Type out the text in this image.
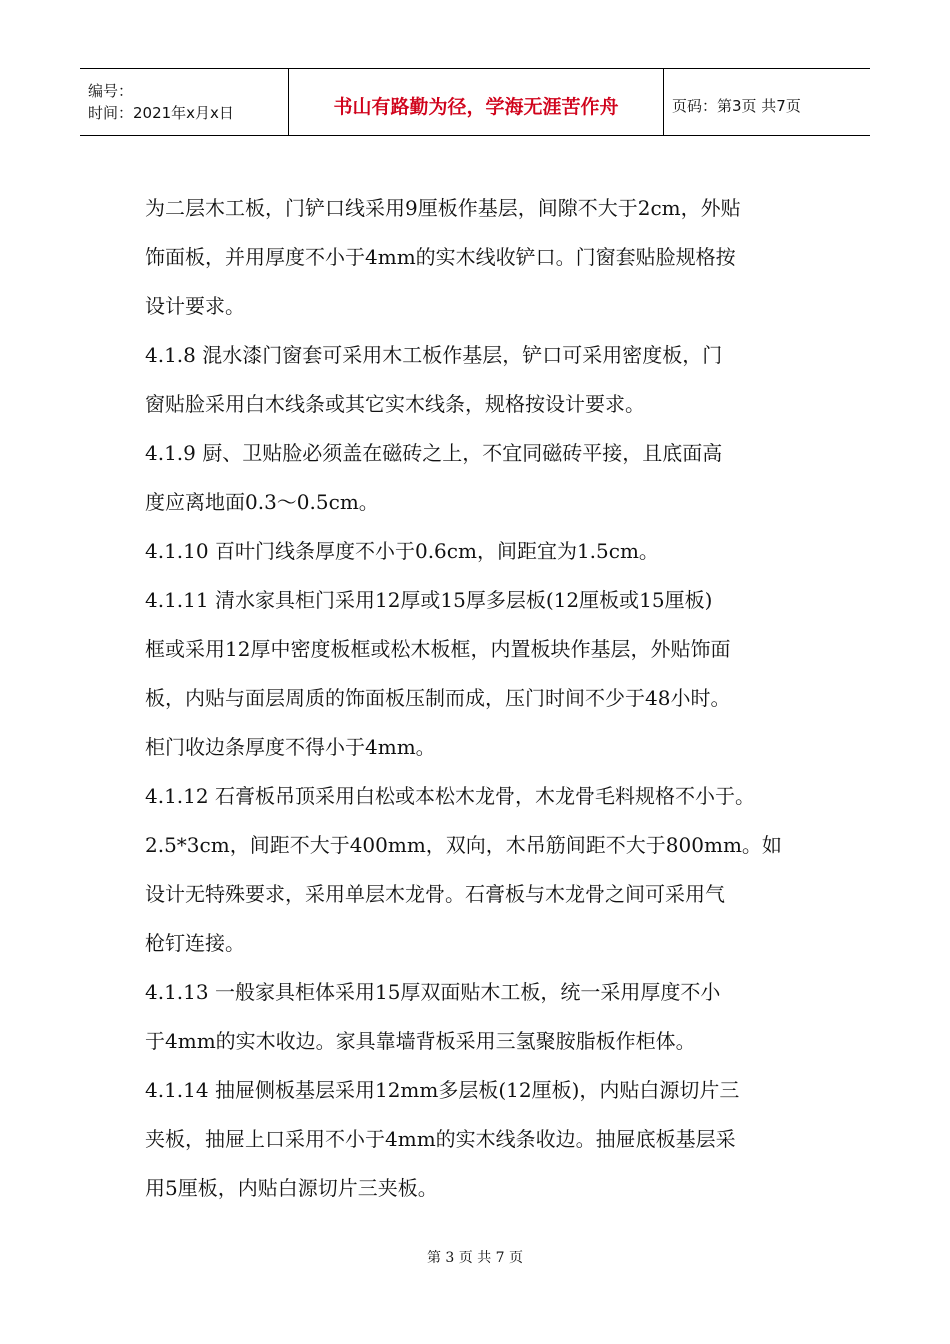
编号：
时间：2021年x月x日	书山有路勤为径，学海无涯苦作舟	页码：第3页 共7页

为二层木工板，门铲口线采用9厘板作基层，间隙不大于2cm，外贴

饰面板，并用厚度不小于4mm的实木线收铲口。门窗套贴脸规格按

设计要求。

4.1.8 混水漆门窗套可采用木工板作基层，铲口可采用密度板，门

窗贴脸采用白木线条或其它实木线条，规格按设计要求。

4.1.9 厨、卫贴脸必须盖在磁砖之上，不宜同磁砖平接，且底面高

度应离地面0.3～0.5cm。

4.1.10 百叶门线条厚度不小于0.6cm，间距宜为1.5cm。

4.1.11 清水家具柜门采用12厚或15厚多层板(12厘板或15厘板)

框或采用12厚中密度板框或松木板框，内置板块作基层，外贴饰面

板，内贴与面层周质的饰面板压制而成，压门时间不少于48小时。

柜门收边条厚度不得小于4mm。

4.1.12 石膏板吊顶采用白松或本松木龙骨，木龙骨毛料规格不小于。

2.5*3cm，间距不大于400mm，双向，木吊筋间距不大于800mm。如

设计无特殊要求，采用单层木龙骨。石膏板与木龙骨之间可采用气

枪钉连接。

4.1.13 一般家具柜体采用15厚双面贴木工板，统一采用厚度不小

于4mm的实木收边。家具靠墙背板采用三氢聚胺脂板作柜体。

4.1.14 抽屉侧板基层采用12mm多层板(12厘板)，内贴白源切片三

夹板，抽屉上口采用不小于4mm的实木线条收边。抽屉底板基层采

用5厘板，内贴白源切片三夹板。

第 3 页 共 7 页
